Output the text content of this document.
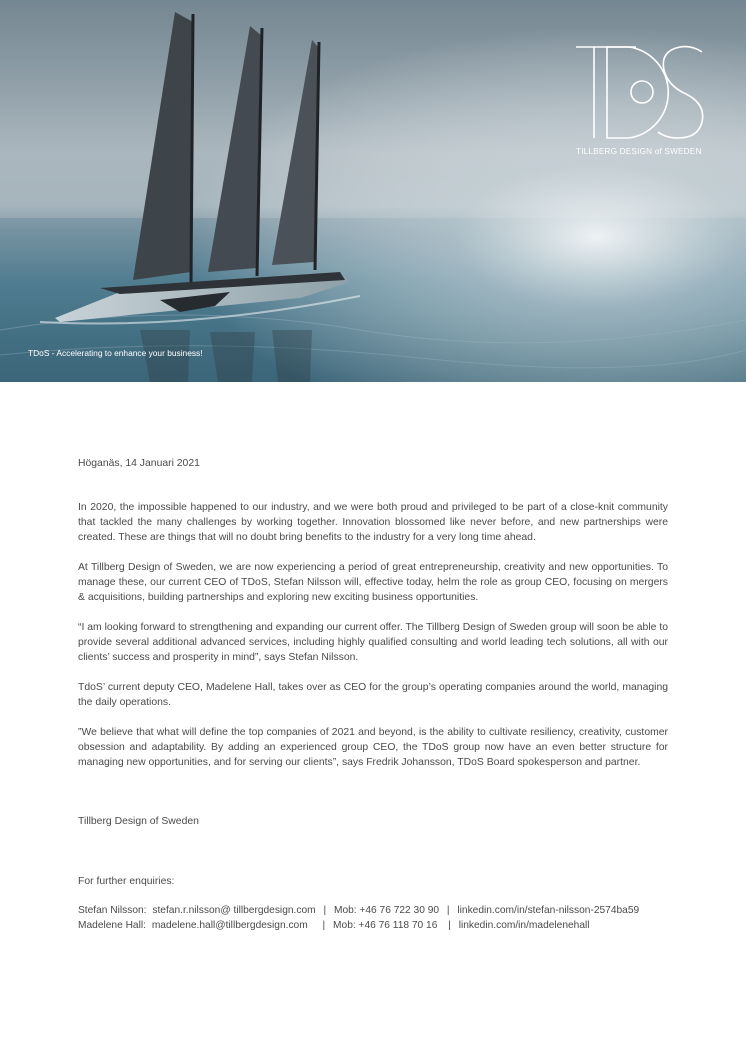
TILLBERG DESIGN of SWEDEN
TDoS - Accelerating to enhance your business!
Höganäs, 14 Januari 2021
In 2020, the impossible happened to our industry, and we were both proud and privileged to be part of a close-knit community that tackled the many challenges by working together. Innovation blossomed like never before, and new partnerships were created. These are things that will no doubt bring benefits to the industry for a very long time ahead.
At Tillberg Design of Sweden, we are now experiencing a period of great entrepreneurship, creativity and new opportunities. To manage these, our current CEO of TDoS, Stefan Nilsson will, effective today, helm the role as group CEO, focusing on mergers & acquisitions, building partnerships and exploring new exciting business opportunities.
“I am looking forward to strengthening and expanding our current offer. The Tillberg Design of Sweden group will soon be able to provide several additional advanced services, including highly qualified consulting and world leading tech solutions, all with our clients’ success and prosperity in mind”, says Stefan Nilsson.
TdoS’ current deputy CEO, Madelene Hall, takes over as CEO for the group’s operating companies around the world, managing the daily operations.
”We believe that what will define the top companies of 2021 and beyond, is the ability to cultivate resiliency, creativity, customer obsession and adaptability. By adding an experienced group CEO, the TDoS group now have an even better structure for managing new opportunities, and for serving our clients”, says Fredrik Johansson, TDoS Board spokesperson and partner.
Tillberg Design of Sweden
For further enquiries:
Stefan Nilsson: stefan.r.nilsson@ tillbergdesign.com | Mob: +46 76 722 30 90 | linkedin.com/in/stefan-nilsson-2574ba59
Madelene Hall: madelene.hall@tillbergdesign.com | Mob: +46 76 118 70 16 | linkedin.com/in/madelenehall
